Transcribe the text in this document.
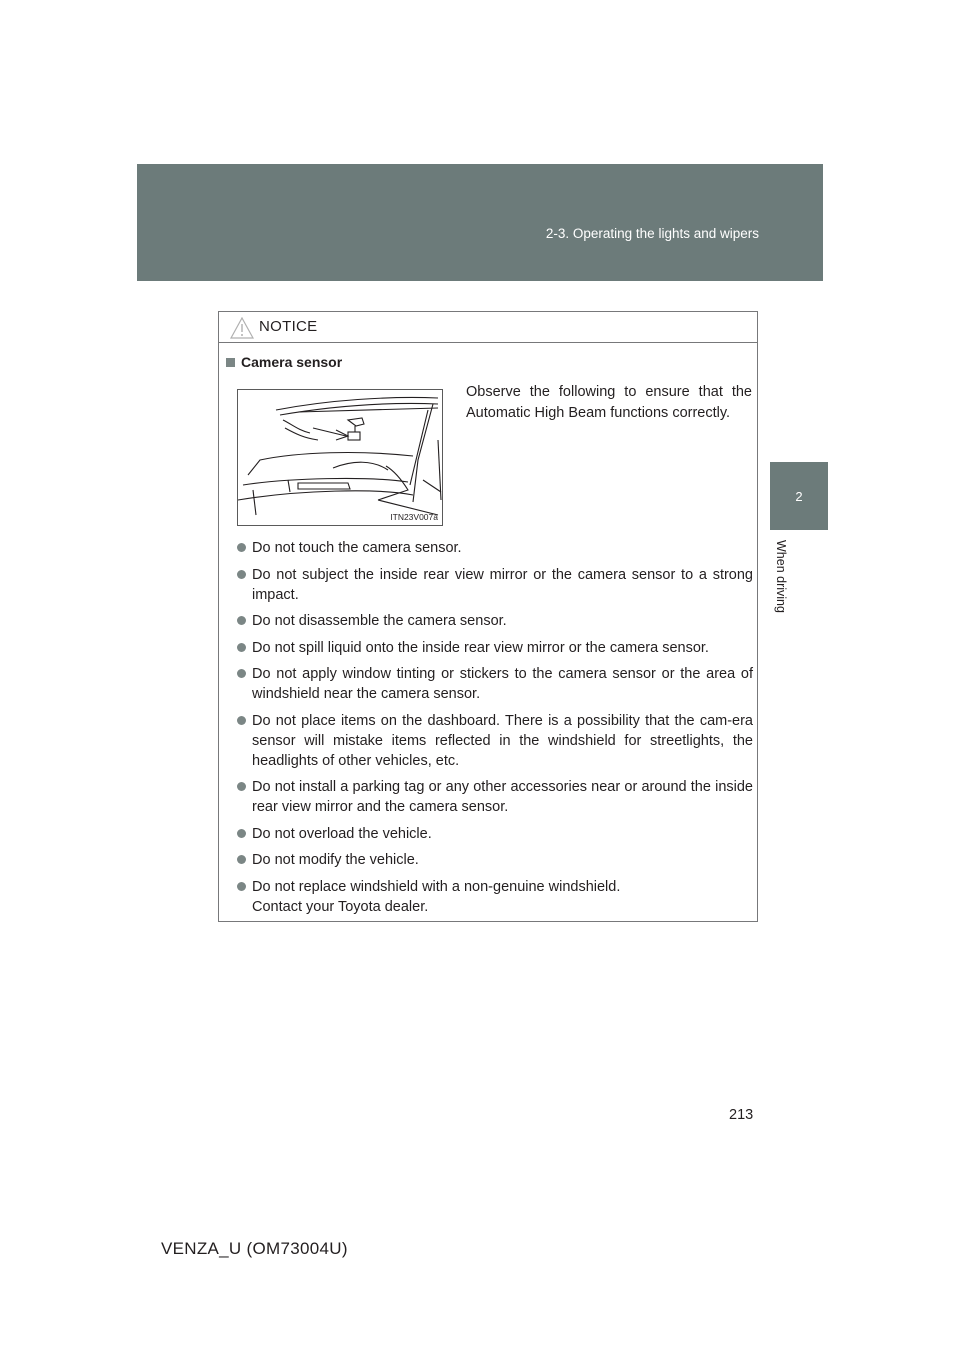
2-3. Operating the lights and wipers
2
When driving
NOTICE
Camera sensor
ITN23V007a
Observe the following to ensure that the Automatic High Beam functions correctly.
Do not touch the camera sensor.
Do not subject the inside rear view mirror or the camera sensor to a strong impact.
Do not disassemble the camera sensor.
Do not spill liquid onto the inside rear view mirror or the camera sensor.
Do not apply window tinting or stickers to the camera sensor or the area of windshield near the camera sensor.
Do not place items on the dashboard. There is a possibility that the cam-era sensor will mistake items reflected in the windshield for streetlights, the headlights of other vehicles, etc.
Do not install a parking tag or any other accessories near or around the inside rear view mirror and the camera sensor.
Do not overload the vehicle.
Do not modify the vehicle.
Do not replace windshield with a non-genuine windshield.
Contact your Toyota dealer.
213
VENZA_U (OM73004U)
